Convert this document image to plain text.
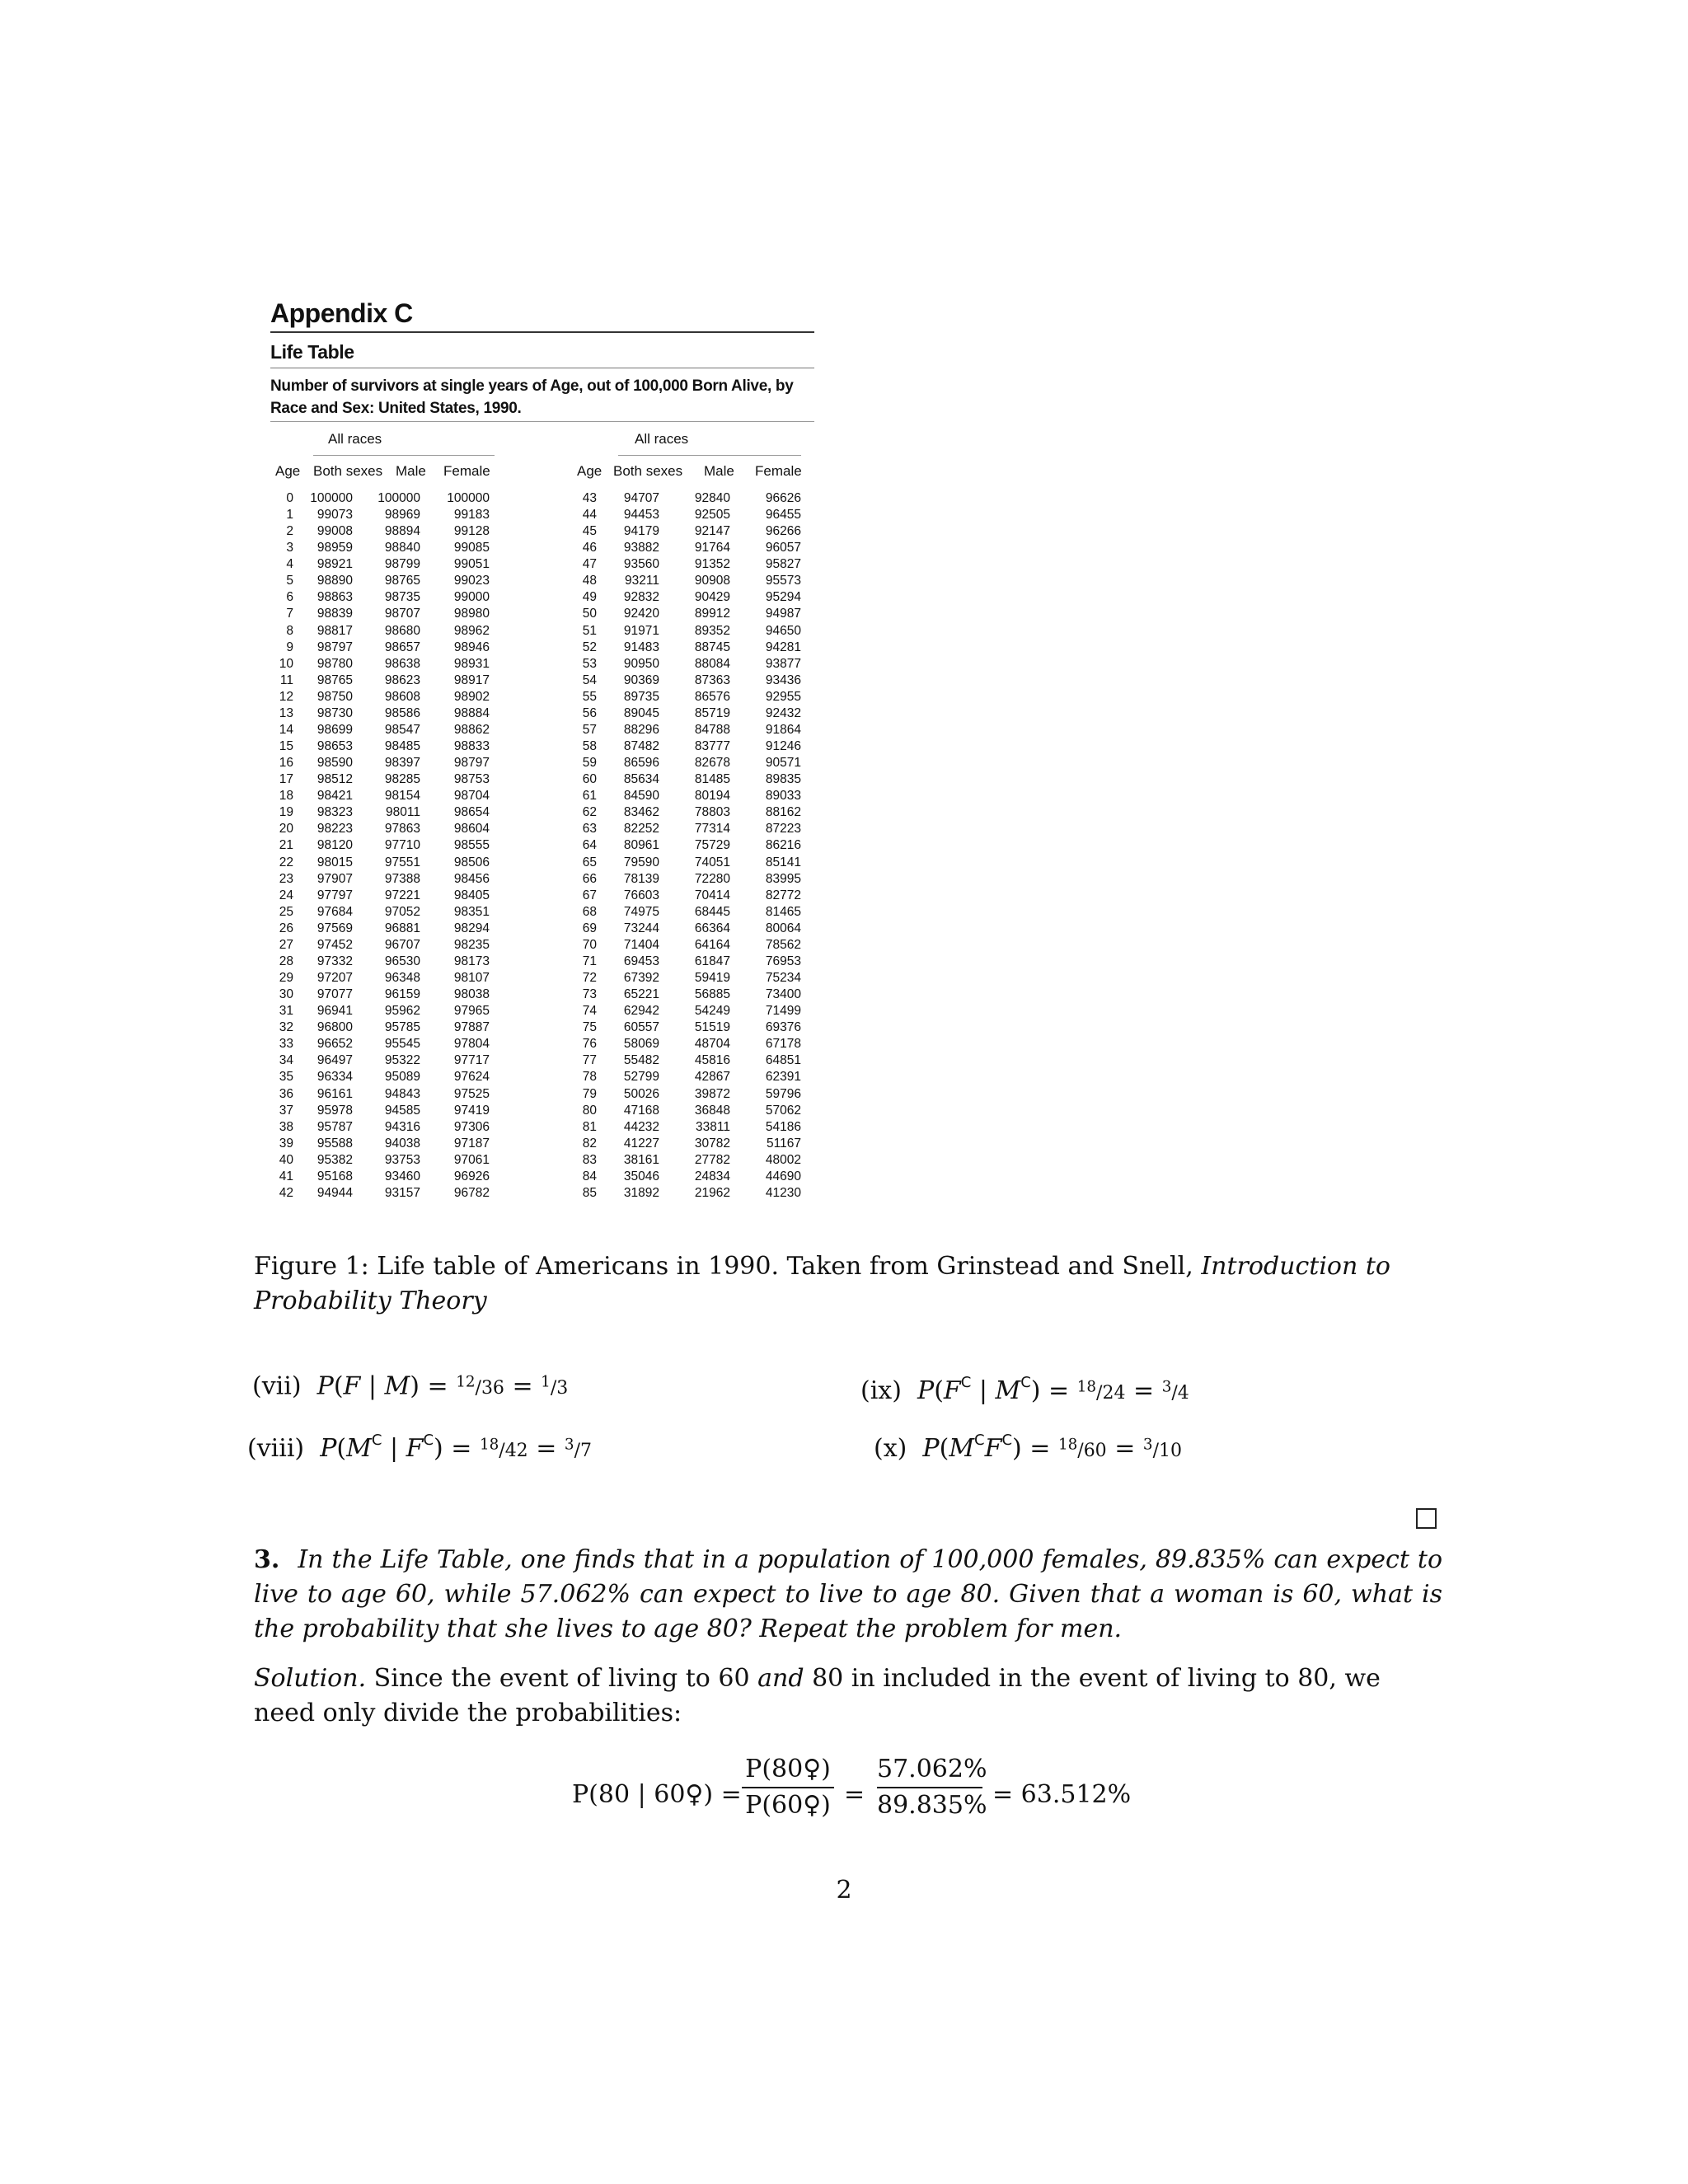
Appendix C
Life Table
Number of survivors at single years of Age, out of 100,000 Born Alive, by
Race and Sex: United States, 1990.
All races	All races
Age Both sexes Male Female
0 100000 100000 100000
1 99073	98969	99183
2 99008	98894	99128
3 98959	98840	99085
4 98921	98799	99051
5 98890	98765	99023
6 98863	98735	99000
7 98839	98707	98980
8 98817	98680	98962
9 98797	98657	98946
10 98780	98638	98931
11 98765	98623	98917
12 98750	98608	98902
13 98730	98586	98884
14 98699	98547	98862
15 98653	98485	98833
16 98590	98397	98797
17 98512	98285	98753
18 98421	98154	98704
19 98323	98011	98654
20 98223	97863	98604
21 98120	97710	98555
22 98015	97551	98506
23 97907	97388	98456
24 97797	97221	98405
25 97684	97052	98351
26 97569	96881	98294
27 97452	96707	98235
28 97332	96530	98173
29 97207	96348	98107
30 97077	96159	98038
31 96941	95962	97965
32 96800	95785	97887
33 96652	95545	97804
34 96497	95322	97717
35 96334	95089	97624
36 96161	94843	97525
37 95978	94585	97419
38 95787	94316	97306
39 95588	94038	97187
40 95382	93753	97061
41 95168	93460	96926
42 94944	93157	96782
Age Both sexes Male Female
43 94707	92840	96626
44 94453	92505	96455
45 94179	92147	96266
46 93882	91764	96057
47 93560	91352	95827
48 93211	90908	95573
49 92832	90429	95294
50 92420	89912	94987
51 91971	89352	94650
52 91483	88745	94281
53 90950	88084	93877
54 90369	87363	93436
55 89735	86576	92955
56 89045	85719	92432
57 88296	84788	91864
58 87482	83777	91246
59 86596	82678	90571
60 85634	81485	89835
61 84590	80194	89033
62 83462	78803	88162
63 82252	77314	87223
64 80961	75729	86216
65 79590	74051	85141
66 78139	72280	83995
67 76603	70414	82772
68 74975	68445	81465
69 73244	66364	80064
70 71404	64164	78562
71 69453	61847	76953
72 67392	59419	75234
73 65221	56885	73400
74 62942	54249	71499
75 60557	51519	69376
76 58069	48704	67178
77 55482	45816	64851
78 52799	42867	62391
79 50026	39872	59796
80 47168	36848	57062
81 44232	33811	54186
82 41227	30782	51167
83 38161	27782	48002
84 35046	24834	44690
85 31892	21962	41230
Figure 1: Life table of Americans in 1990. Taken from Grinstead and Snell, Introduction to Probability Theory
(vii) P(F | M) = $^{12}$/36 = $^1$/3
(viii) $P(M^C$ | $F^C) = ^{18}/42 = ^3/7$
(ix) $P(F^C$ | $M^C) = ^{18}/24 = ^3/4$
(x) $P(M^CF^C) = ^{18}/60 = ^3/10$
3. In the Life Table, one finds that in a population of 100,000 females, 89.835% can expect to live to age 60, while 57.062% can expect to live to age 80. Given that a woman is 60, what is the probability that she lives to age 80? Repeat the problem for men.
Solution. Since the event of living to 60 and 80 in included in the event of living to 80, we need only divide the probabilities:
P(80 | 60♀) =
P(80♀)
P(60♀) =
57.062%
89.835% = 63.512%
2
